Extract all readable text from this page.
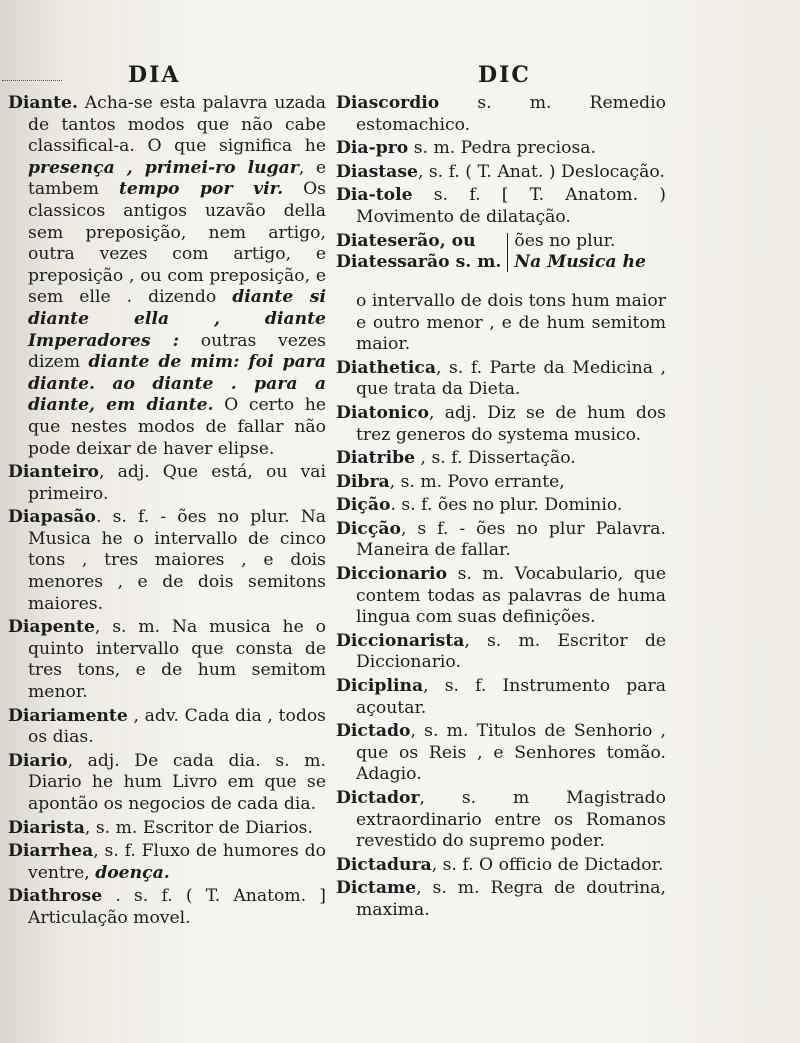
DIA	DIC

Diante. Acha-se esta palavra uzada de tantos modos que não cabe classifical-a. O que significa he presença , primei-ro lugar, e tambem tempo por vir. Os classicos antigos uzavão della sem preposição, nem artigo, outra vezes com artigo, e preposição , ou com preposição, e sem elle . dizendo diante si diante ella , diante Imperadores : outras vezes dizem diante de mim: foi para diante. ao diante . para a diante, em diante. O certo he que nestes modos de fallar não pode deixar de haver elipse.

Dianteiro, adj. Que está, ou vai primeiro.

Diapasão. s. f. - ões no plur. Na Musica he o intervallo de cinco tons , tres maiores , e dois menores , e de dois semitons maiores.

Diapente, s. m. Na musica he o quinto intervallo que consta de tres tons, e de hum semitom menor.

Diariamente , adv. Cada dia , todos os dias.

Diario, adj. De cada dia. s. m. Diario he hum Livro em que se apontão os negocios de cada dia.

Diarista, s. m. Escritor de Diarios.

Diarrhea, s. f. Fluxo de humores do ventre, doença.

Diathrose . s. f. ( T. Anatom. ] Articulação movel.

Diascordio s. m. Remedio estomachico.

Dia-pro s. m. Pedra preciosa.

Diastase, s. f. ( T. Anat. ) Deslocação.

Dia-tole s. f. [ T. Anatom. ) Movimento de dilatação.

Diateserão, ou
Diatessarão s. m.
ões no plur.
Na Musica he

o intervallo de dois tons hum maior e outro menor , e de hum semitom maior.

Diathetica, s. f. Parte da Medicina , que trata da Dieta.

Diatonico, adj. Diz se de hum dos trez generos do systema musico.

Diatribe , s. f. Dissertação.

Dibra, s. m. Povo errante,

Dição. s. f. ões no plur. Dominio.

Dicção, s f. - ões no plur Palavra. Maneira de fallar.

Diccionario s. m. Vocabulario, que contem todas as palavras de huma lingua com suas definições.

Diccionarista, s. m. Escritor de Diccionario.

Diciplina, s. f. Instrumento para açoutar.

Dictado, s. m. Titulos de Senhorio , que os Reis , e Senhores tomão. Adagio.

Dictador, s. m Magistrado extraordinario entre os Romanos revestido do supremo poder.

Dictadura, s. f. O officio de Dictador.

Dictame, s. m. Regra de doutrina, maxima.
